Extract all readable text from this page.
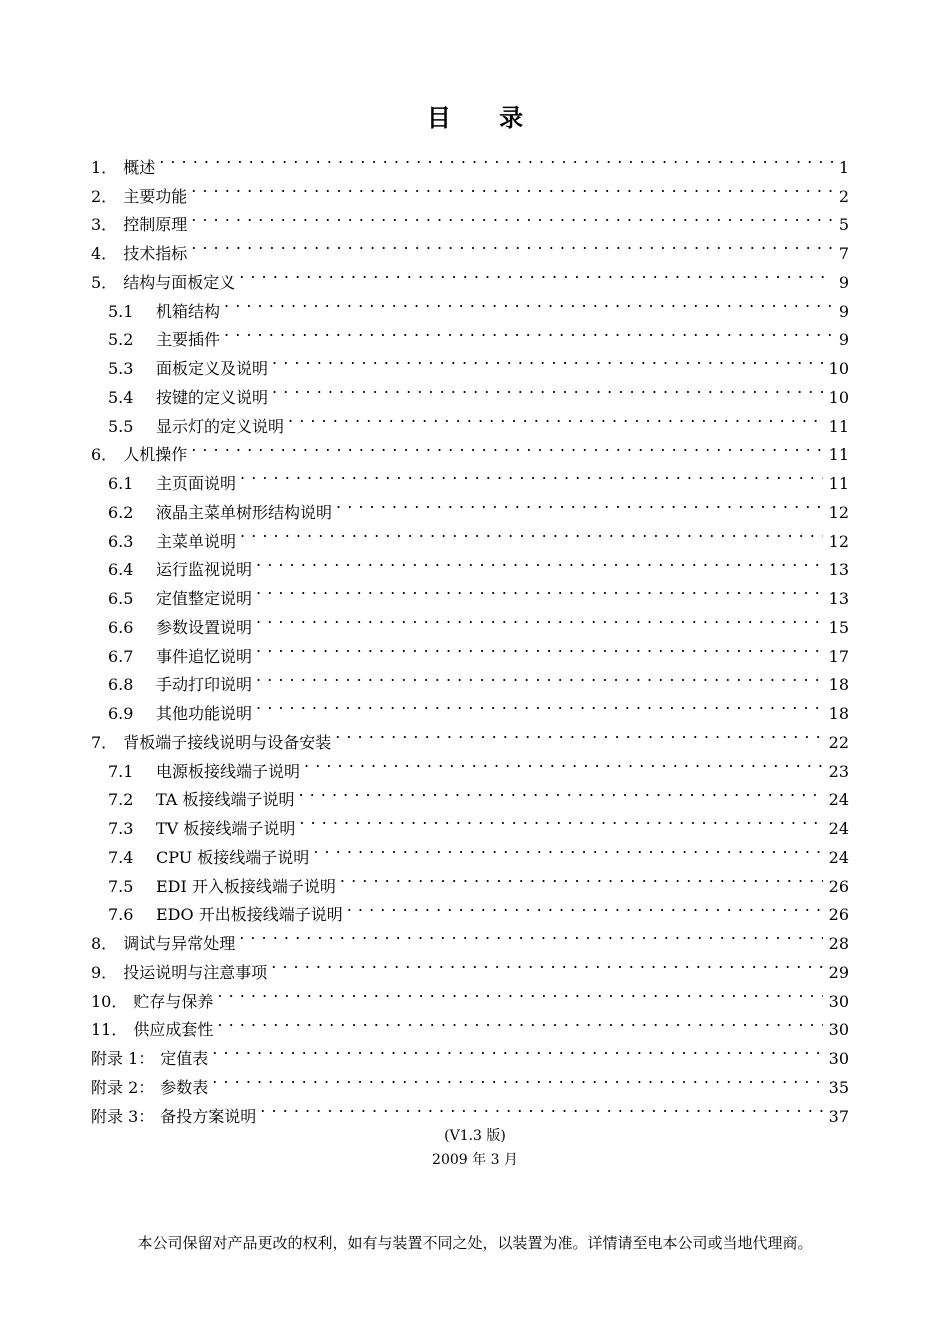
目 录
1． 概述 . . .	1
2． 主要功能 . . .	2
3． 控制原理 . . .	5
4． 技术指标 . . .	7
5． 结构与面板定义 . . .	9
5.1	机箱结构 . . .	9
5.2	主要插件 . . .	9
5.3	面板定义及说明 . . .	10
5.4	按键的定义说明 . . .	10
5.5	显示灯的定义说明 . . .	11
6． 人机操作 . . .	11
6.1	主页面说明 . . .	11
6.2	液晶主菜单树形结构说明 . . .	12
6.3	主菜单说明 . . .	12
6.4	运行监视说明 . . .	13
6.5	定值整定说明 . . .	13
6.6	参数设置说明 . . .	15
6.7	事件追忆说明 . . .	17
6.8	手动打印说明 . . .	18
6.9	其他功能说明 . . .	18
7． 背板端子接线说明与设备安装 . . .	22
7.1	电源板接线端子说明 . . .	23
7.2	TA 板接线端子说明 . . .	24
7.3	TV 板接线端子说明 . . .	24
7.4	CPU 板接线端子说明 . . .	24
7.5	EDI 开入板接线端子说明 . . .	26
7.6	EDO 开出板接线端子说明 . . .	26
8． 调试与异常处理 . . .	28
9． 投运说明与注意事项 . . .	29
10． 贮存与保养 . . .	30
11． 供应成套性 . . .	30
附录 1： 定值表 . . .	30
附录 2： 参数表 . . .	35
附录 3： 备投方案说明 . . .	37
(V1.3 版)
2009 年 3 月
本公司保留对产品更改的权利，如有与装置不同之处，以装置为准。详情请至电本公司或当地代理商。
